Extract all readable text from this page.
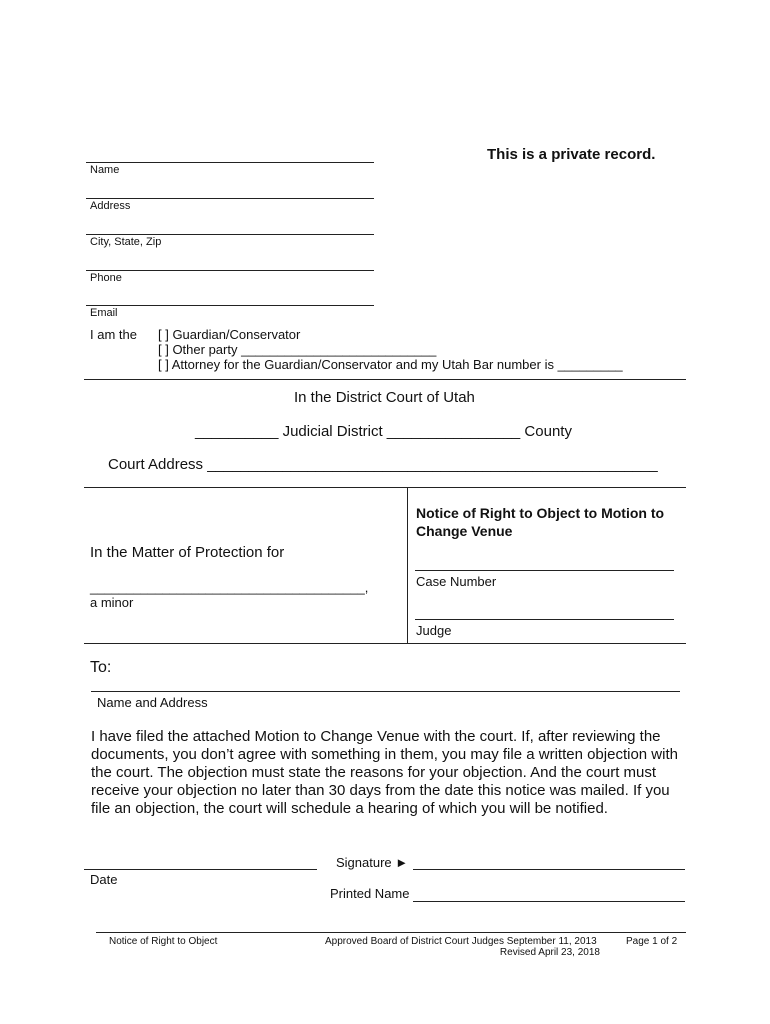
This is a private record.
Name
Address
City, State, Zip
Phone
Email
I am the [ ] Guardian/Conservator
[ ] Other party ___________________________
[ ] Attorney for the Guardian/Conservator and my Utah Bar number is _________
In the District Court of Utah
__________ Judicial District ________________ County
Court Address ______________________________________________________
In the Matter of Protection for
______________________________________,
a minor
Notice of Right to Object to Motion to Change Venue
Case Number
Judge
To:
Name and Address
I have filed the attached Motion to Change Venue with the court. If, after reviewing the documents, you don’t agree with something in them, you may file a written objection with the court. The objection must state the reasons for your objection. And the court must receive your objection no later than 30 days from the date this notice was mailed. If you file an objection, the court will schedule a hearing of which you will be notified.
Signature ►
Date
Printed Name
Notice of Right to Object	Approved Board of District Court Judges September 11, 2013
Revised April 23, 2018
Page 1 of 2
